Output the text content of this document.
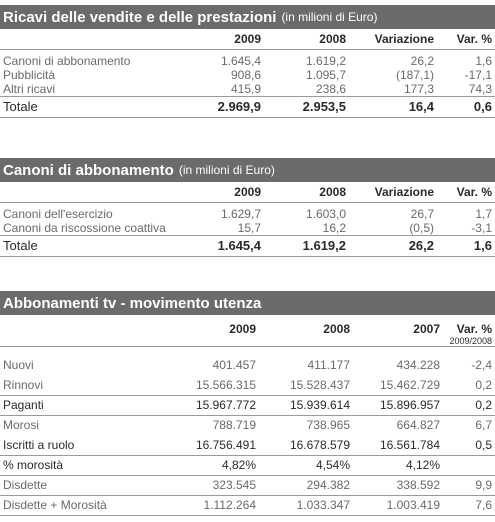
Ricavi delle vendite e delle prestazioni (in milioni di Euro)
	2009	2008	Variazione	Var. %

Canoni di abbonamento	1.645,4	1.619,2	26,2	1,6
Pubblicità	908,6	1.095,7	(187,1)	-17,1
Altri ricavi	415,9	238,6	177,3	74,3
Totale	2.969,9	2.953,5	16,4	0,6
Canoni di abbonamento (in milioni di Euro)
	2009	2008	Variazione	Var. %

Canoni dell'esercizio	1.629,7	1.603,0	26,7	1,7
Canoni da riscossione coattiva	15,7	16,2	(0,5)	-3,1
Totale	1.645,4	1.619,2	26,2	1,6
Abbonamenti tv - movimento utenza
	2009	2008	2007	Var. %
2009/2008

Nuovi	401.457	411.177	434.228	-2,4
Rinnovi	15.566.315	15.528.437	15.462.729	0,2
Paganti	15.967.772	15.939.614	15.896.957	0,2
Morosi	788.719	738.965	664.827	6,7
Iscritti a ruolo	16.756.491	16.678.579	16.561.784	0,5
% morosità	4,82%	4,54%	4,12%	
Disdette	323.545	294.382	338.592	9,9
Disdette + Morosità	1.112.264	1.033.347	1.003.419	7,6
